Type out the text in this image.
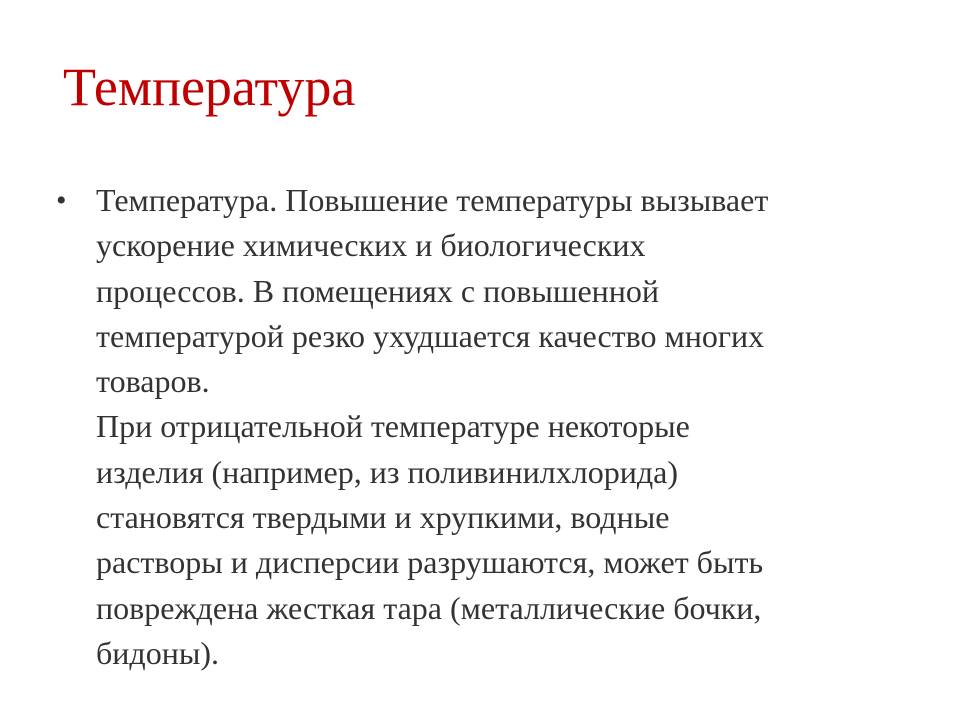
Температура
• Температура. Повышение температуры вызывает
ускорение химических и биологических
процессов. В помещениях с повышенной
температурой резко ухудшается качество многих
товаров.
При отрицательной температуре некоторые
изделия (например, из поливинилхлорида)
становятся твердыми и хрупкими, водные
растворы и дисперсии разрушаются, может быть
повреждена жесткая тара (металлические бочки,
бидоны).
